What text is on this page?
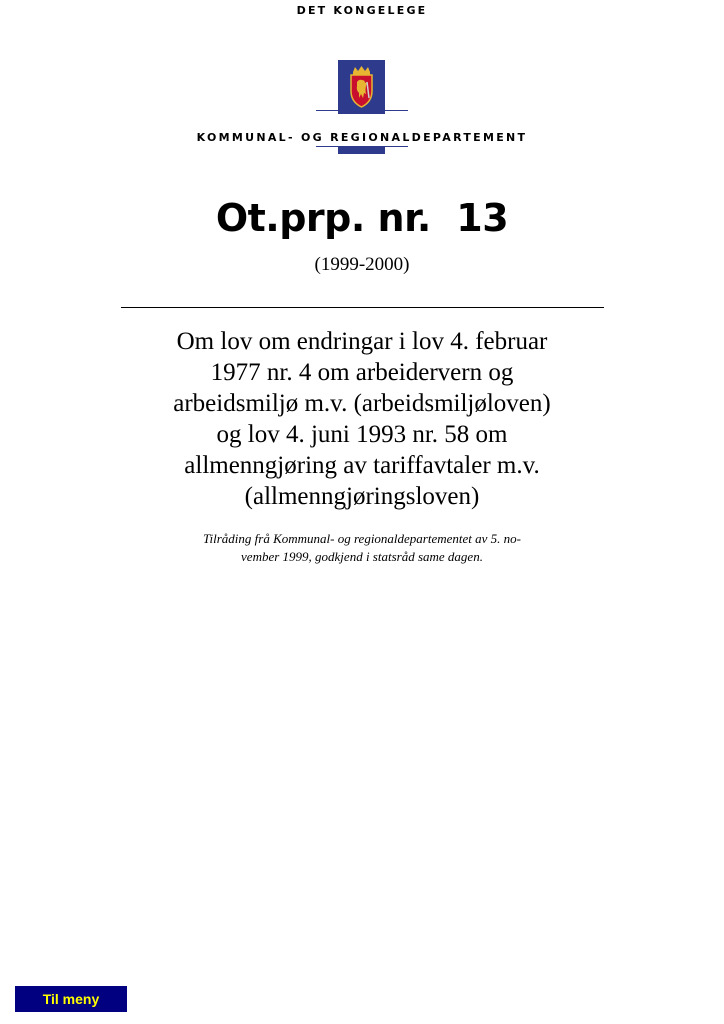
DET KONGELEGE
KOMMUNAL- OG REGIONALDEPARTEMENT
Ot.prp. nr.  13
(1999-2000)
Om lov om endringar i lov 4. februar
1977 nr. 4 om arbeidervern og
arbeidsmiljø m.v. (arbeidsmiljøloven)
og lov 4. juni 1993 nr. 58 om
allmenngjøring av tariffavtaler m.v.
(allmenngjøringsloven)
Tilråding frå Kommunal- og regionaldepartementet av 5. no-
vember 1999, godkjend i statsråd same dagen.
Til meny
